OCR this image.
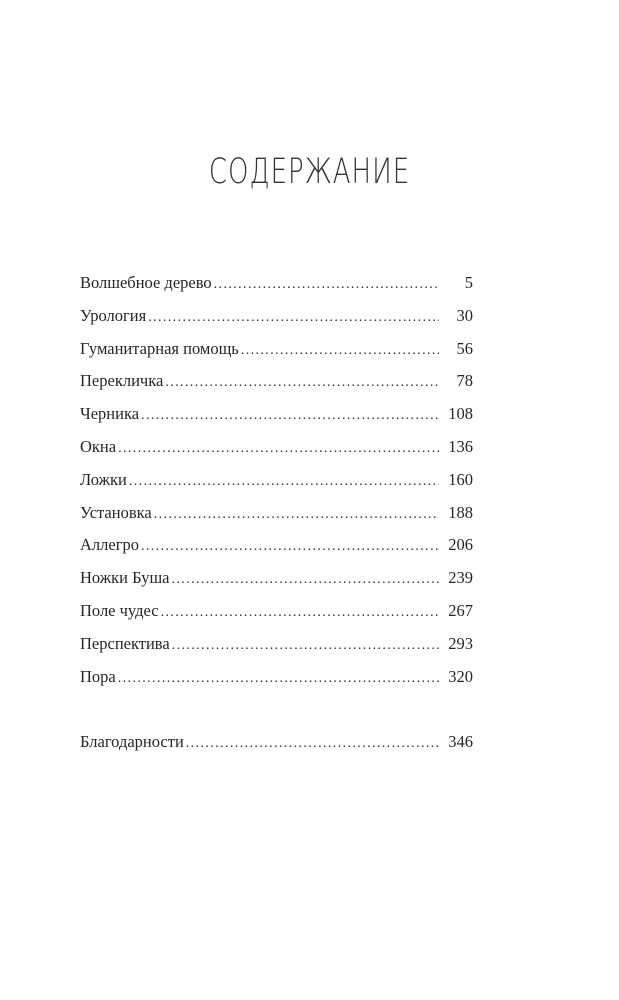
СОДЕРЖАНИЕ
Волшебное дерево .....	5
Урология .....	30
Гуманитарная помощь .....	56
Перекличка .....	78
Черника .....	108
Окна .....	136
Ложки .....	160
Установка .....	188
Аллегро .....	206
Ножки Буша .....	239
Поле чудес .....	267
Перспектива .....	293
Пора .....	320
Благодарности .....	346
